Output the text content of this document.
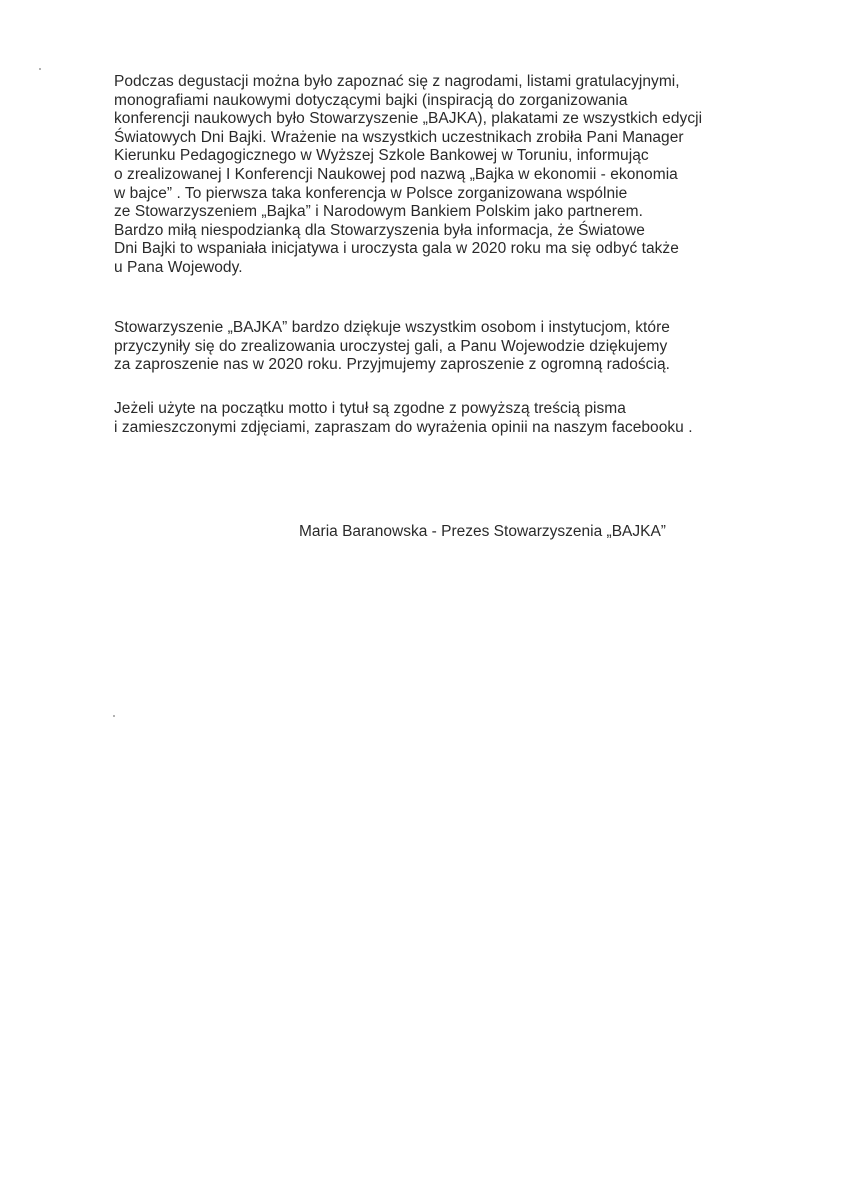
Podczas degustacji można było zapoznać się z nagrodami, listami gratulacyjnymi,
monografiami naukowymi dotyczącymi bajki (inspiracją do zorganizowania
konferencji naukowych było Stowarzyszenie „BAJKA), plakatami ze wszystkich edycji
Światowych Dni Bajki. Wrażenie na wszystkich uczestnikach zrobiła Pani Manager
Kierunku Pedagogicznego w Wyższej Szkole Bankowej w Toruniu, informując
o zrealizowanej I Konferencji Naukowej pod nazwą „Bajka w ekonomii - ekonomia
w bajce” . To pierwsza taka konferencja w Polsce zorganizowana wspólnie
ze Stowarzyszeniem „Bajka” i Narodowym Bankiem Polskim jako partnerem.
Bardzo miłą niespodzianką dla Stowarzyszenia była informacja, że Światowe
Dni Bajki to wspaniała inicjatywa i uroczysta gala w 2020 roku ma się odbyć także
u Pana Wojewody.
Stowarzyszenie „BAJKA” bardzo dziękuje wszystkim osobom i instytucjom, które
przyczyniły się do zrealizowania uroczystej gali, a Panu Wojewodzie dziękujemy
za zaproszenie nas w 2020 roku. Przyjmujemy zaproszenie z ogromną radością.
Jeżeli użyte na początku motto i tytuł są zgodne z powyższą treścią pisma
i zamieszczonymi zdjęciami, zapraszam do wyrażenia opinii na naszym facebooku .
Maria Baranowska - Prezes Stowarzyszenia „BAJKA”
